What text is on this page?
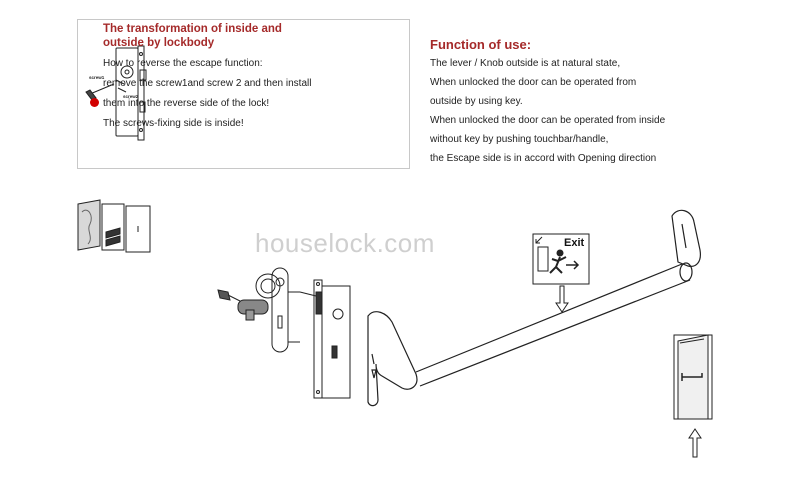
screw1
screw2
The transformation of inside and outside by lockbody
How to reverse the escape function:
remove the screw1and screw 2 and then install
them into the reverse side of the lock!
The screws-fixing side is inside!
Function of use:
The lever / Knob outside is at natural state,
When unlocked the door can be operated from
outside by using key.
When unlocked the door can be operated from inside
without key by pushing touchbar/handle,
the Escape side is in accord with Opening direction
houselock.com	Exit
